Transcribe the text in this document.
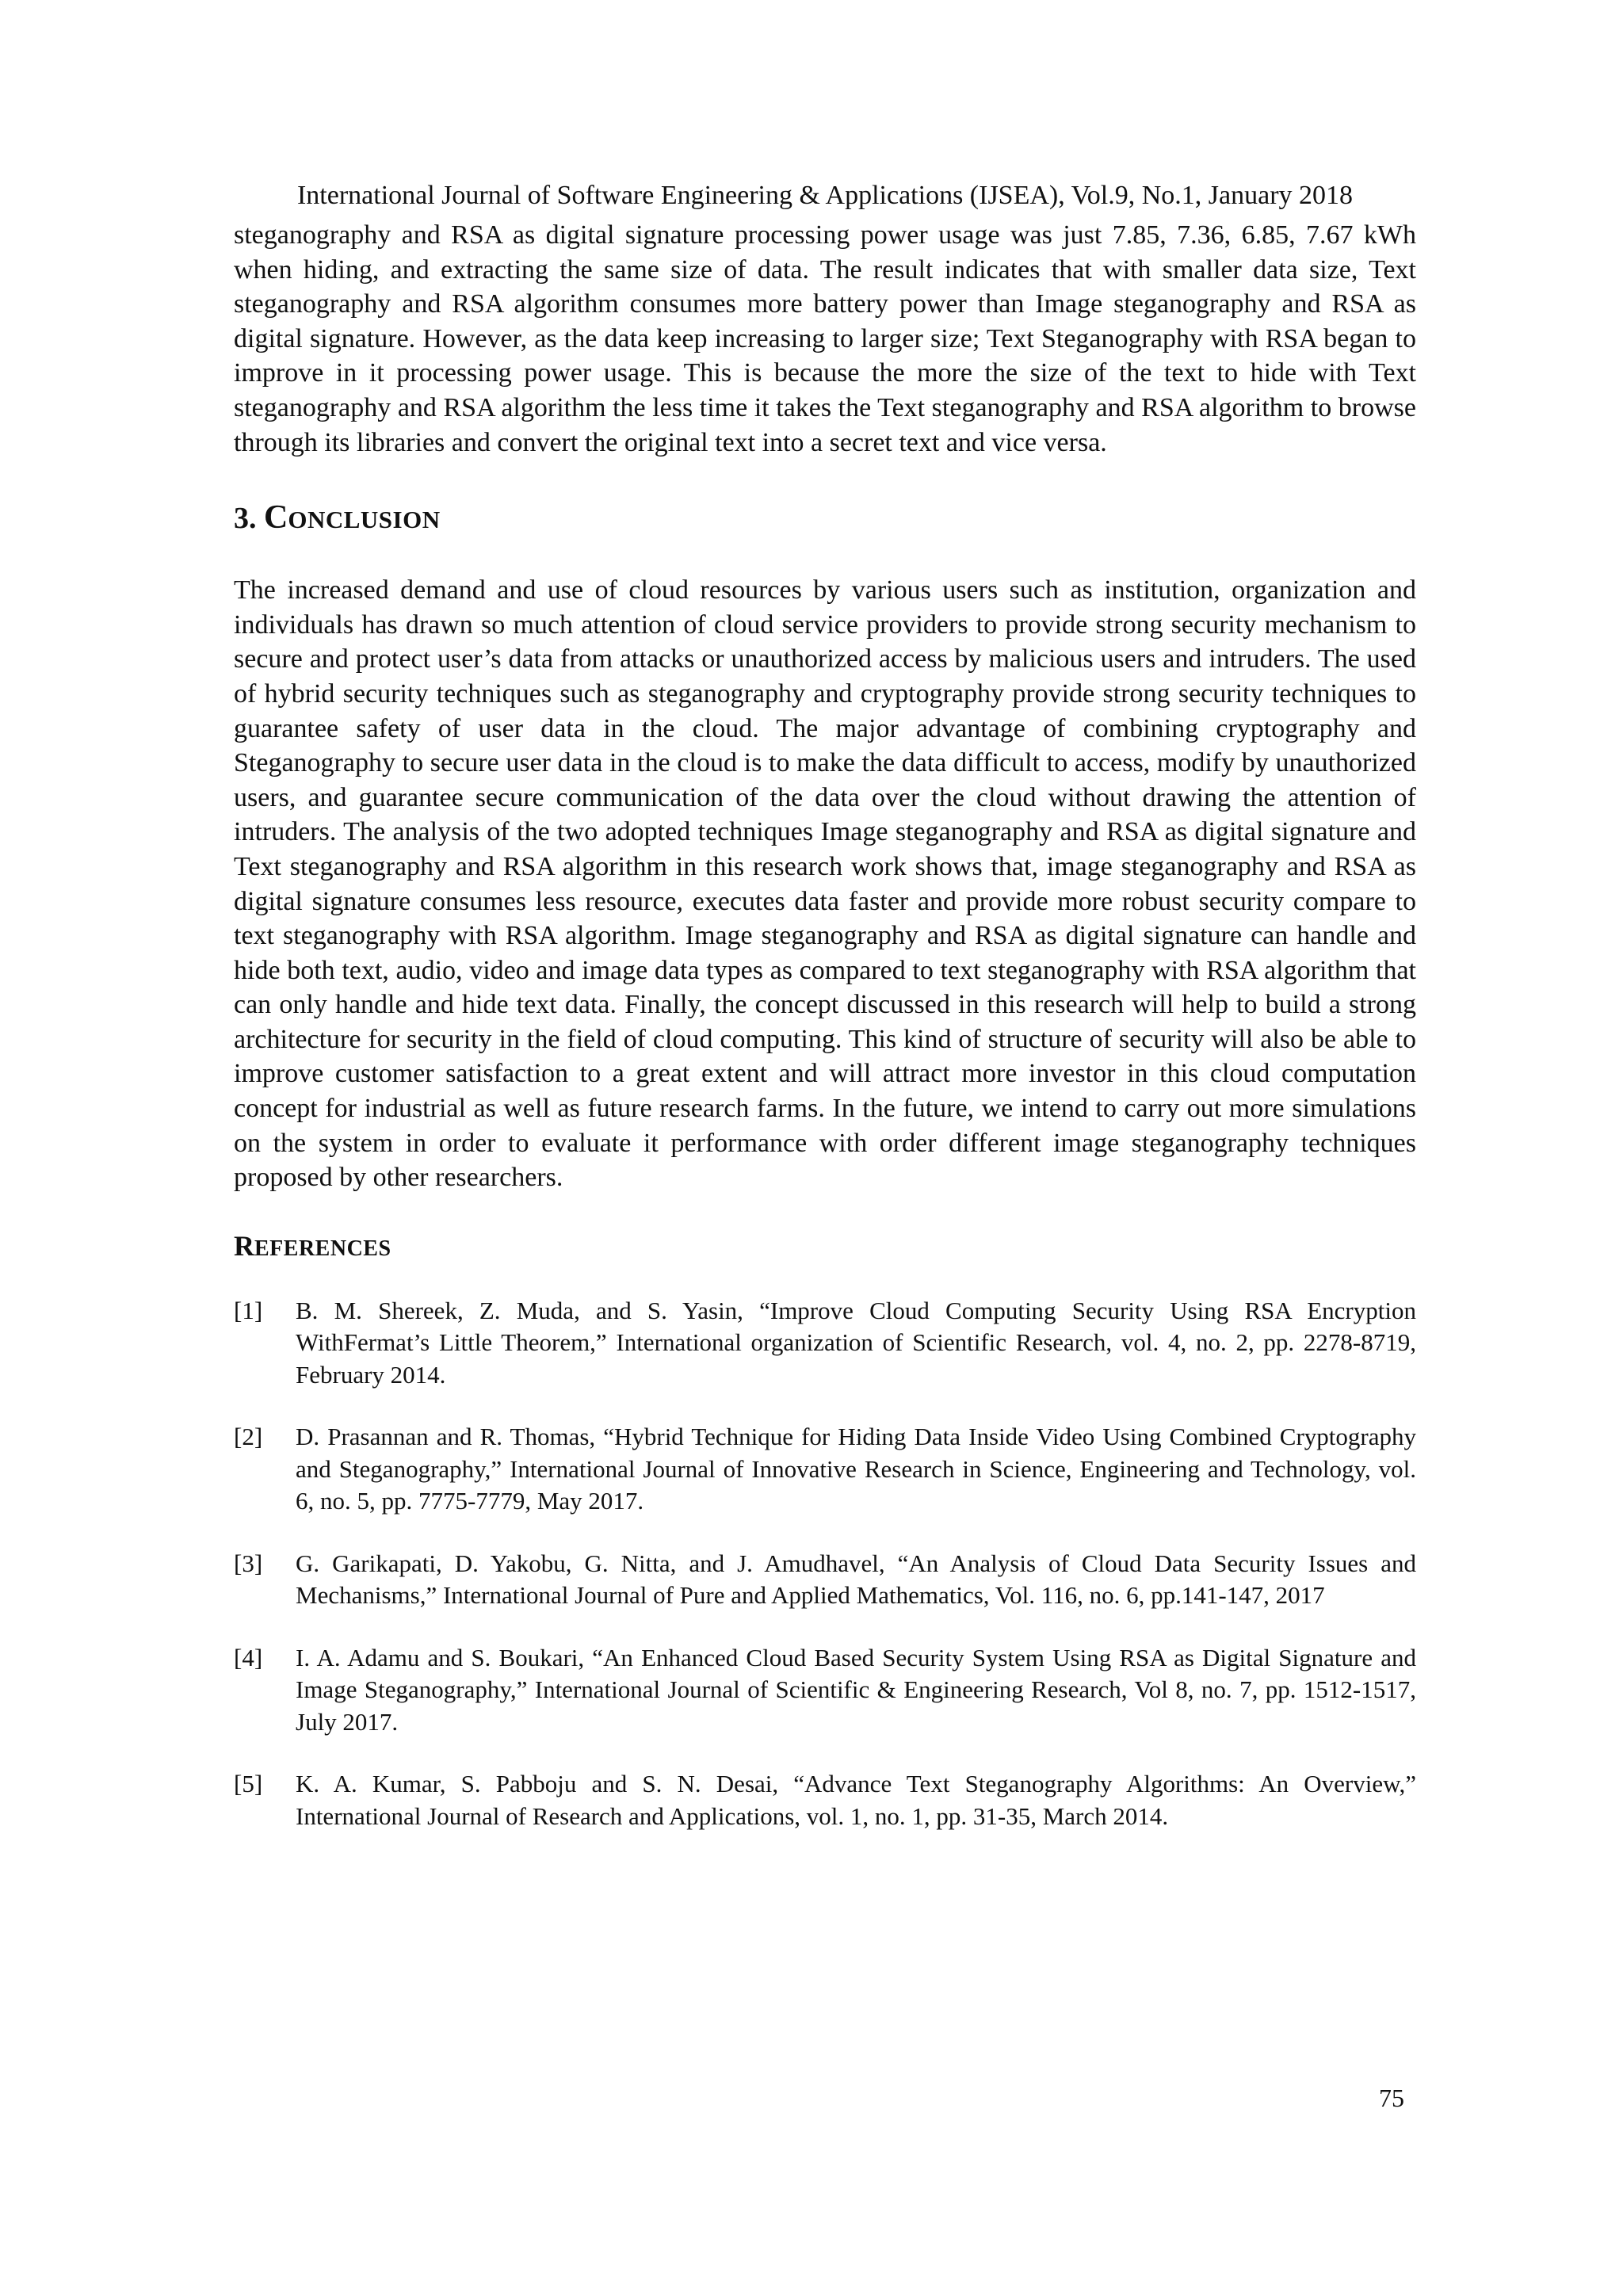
International Journal of Software Engineering & Applications (IJSEA), Vol.9, No.1, January 2018

steganography and RSA as digital signature processing power usage was just 7.85, 7.36, 6.85, 7.67 kWh when hiding, and extracting the same size of data. The result indicates that with smaller data size, Text steganography and RSA algorithm consumes more battery power than Image steganography and RSA as digital signature. However, as the data keep increasing to larger size; Text Steganography with RSA began to improve in it processing power usage. This is because the more the size of the text to hide with Text steganography and RSA algorithm the less time it takes the Text steganography and RSA algorithm to browse through its libraries and convert the original text into a secret text and vice versa.

3. CONCLUSION

The increased demand and use of cloud resources by various users such as institution, organization and individuals has drawn so much attention of cloud service providers to provide strong security mechanism to secure and protect user’s data from attacks or unauthorized access by malicious users and intruders. The used of hybrid security techniques such as steganography and cryptography provide strong security techniques to guarantee safety of user data in the cloud. The major advantage of combining cryptography and Steganography to secure user data in the cloud is to make the data difficult to access, modify by unauthorized users, and guarantee secure communication of the data over the cloud without drawing the attention of intruders. The analysis of the two adopted techniques Image steganography and RSA as digital signature and Text steganography and RSA algorithm in this research work shows that, image steganography and RSA as digital signature consumes less resource, executes data faster and provide more robust security compare to text steganography with RSA algorithm. Image steganography and RSA as digital signature can handle and hide both text, audio, video and image data types as compared to text steganography with RSA algorithm that can only handle and hide text data. Finally, the concept discussed in this research will help to build a strong architecture for security in the field of cloud computing. This kind of structure of security will also be able to improve customer satisfaction to a great extent and will attract more investor in this cloud computation concept for industrial as well as future research farms. In the future, we intend to carry out more simulations on the system in order to evaluate it performance with order different image steganography techniques proposed by other researchers.

REFERENCES
[1]	B. M. Shereek, Z. Muda, and S. Yasin, “Improve Cloud Computing Security Using RSA Encryption WithFermat’s Little Theorem,” International organization of Scientific Research, vol. 4, no. 2, pp. 2278-8719, February 2014.
[2]	D. Prasannan and R. Thomas, “Hybrid Technique for Hiding Data Inside Video Using Combined Cryptography and Steganography,” International Journal of Innovative Research in Science, Engineering and Technology, vol. 6, no. 5, pp. 7775-7779, May 2017.
[3]	G. Garikapati, D. Yakobu, G. Nitta, and J. Amudhavel, “An Analysis of Cloud Data Security Issues and Mechanisms,” International Journal of Pure and Applied Mathematics, Vol. 116, no. 6, pp.141-147, 2017
[4]	I. A. Adamu and S. Boukari, “An Enhanced Cloud Based Security System Using RSA as Digital Signature and Image Steganography,” International Journal of Scientific & Engineering Research, Vol 8, no. 7, pp. 1512-1517, July 2017.
[5]	K. A. Kumar, S. Pabboju and S. N. Desai, “Advance Text Steganography Algorithms: An Overview,” International Journal of Research and Applications, vol. 1, no. 1, pp. 31-35, March 2014.
75
